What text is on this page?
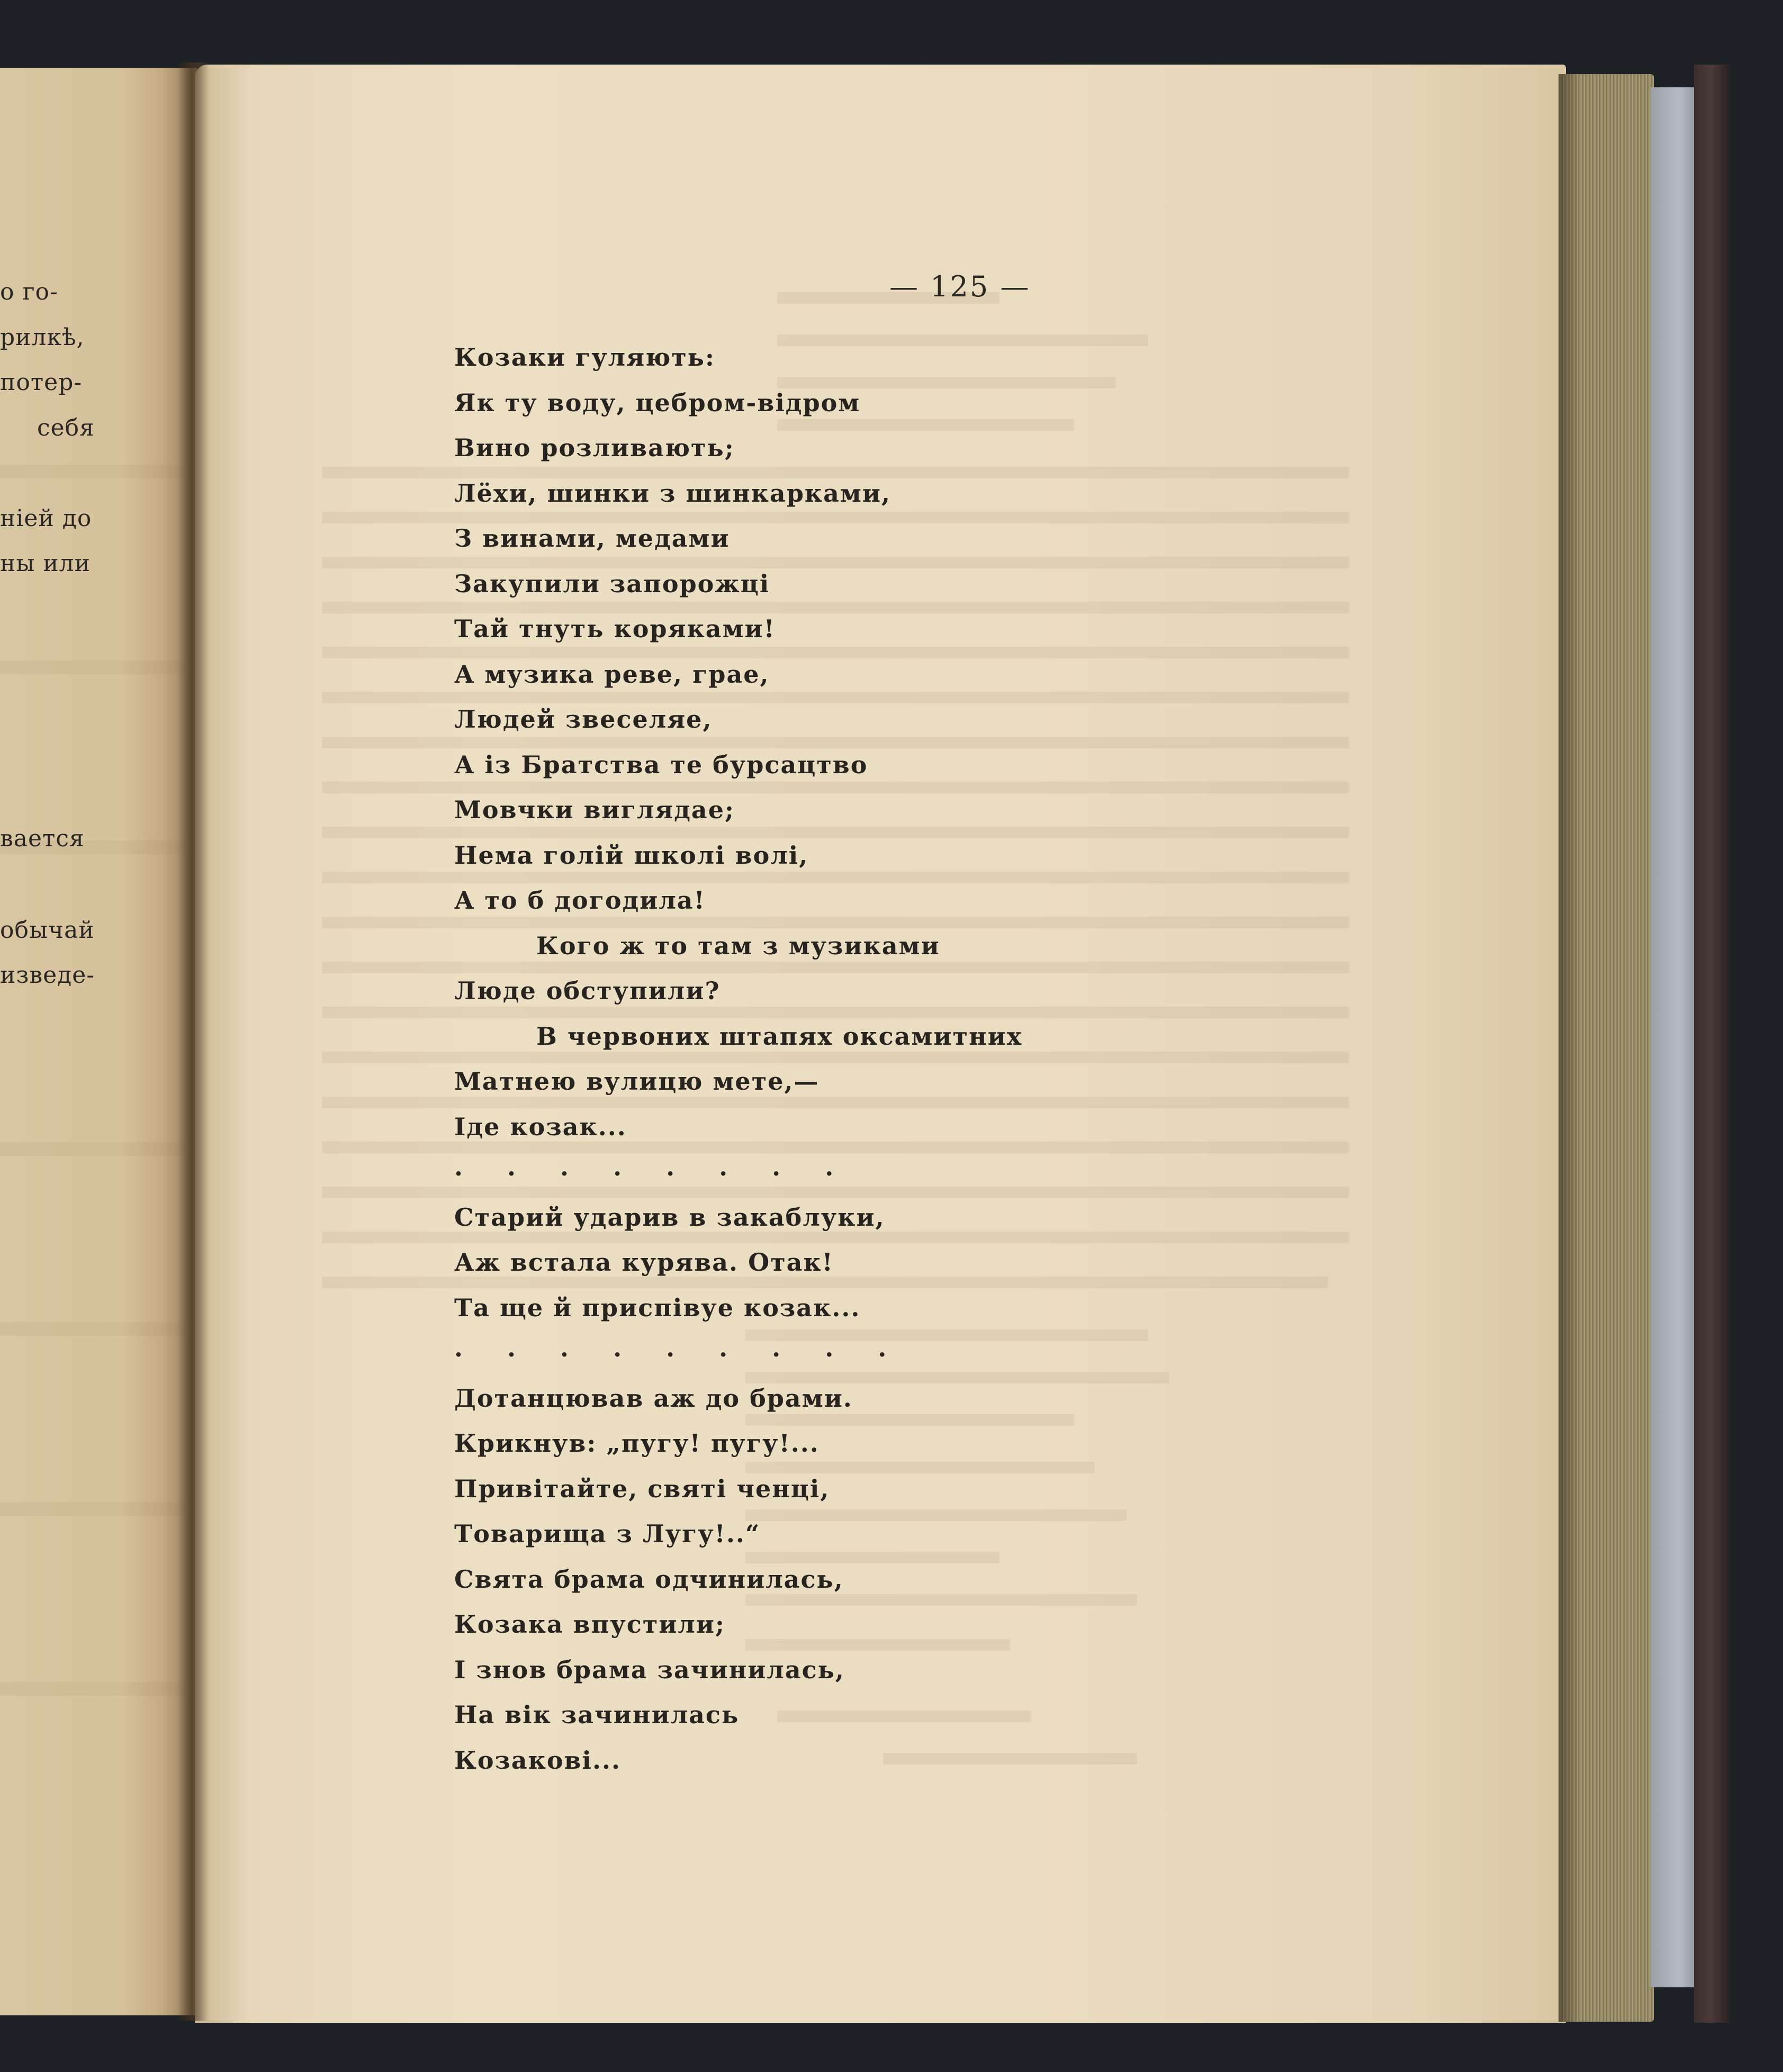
о го-
рилкѣ,
потер-
себя
ніей до
ны или
вается
обычай
изведе-
— 125 —
Козаки гуляють:
Як ту воду, цебром-відром
Вино розливають;
Лёхи, шинки з шинкарками,
З винами, медами
Закупили запорожці
Тай тнуть коряками!
А музика реве, грае,
Людей звеселяе,
А із Братства те бурсацтво
Мовчки виглядае;
Нема голій школі волі,
А то б догодила!
Кого ж то там з музиками
Люде обступили?
В червоних штапях оксамитних
Матнею вулицю мете,—
Іде козак...
. . . . . . . .
Старий ударив в закаблуки,
Аж встала курява. Отак!
Та ще й приспівуе козак...
. . . . . . . . .
Дотанцював аж до брами.
Крикнув: „пугу! пугу!...
Привітайте, святі ченці,
Товарища з Лугу!..“
Свята брама одчинилась,
Козака впустили;
І знов брама зачинилась,
На вік зачинилась
Козакові...
